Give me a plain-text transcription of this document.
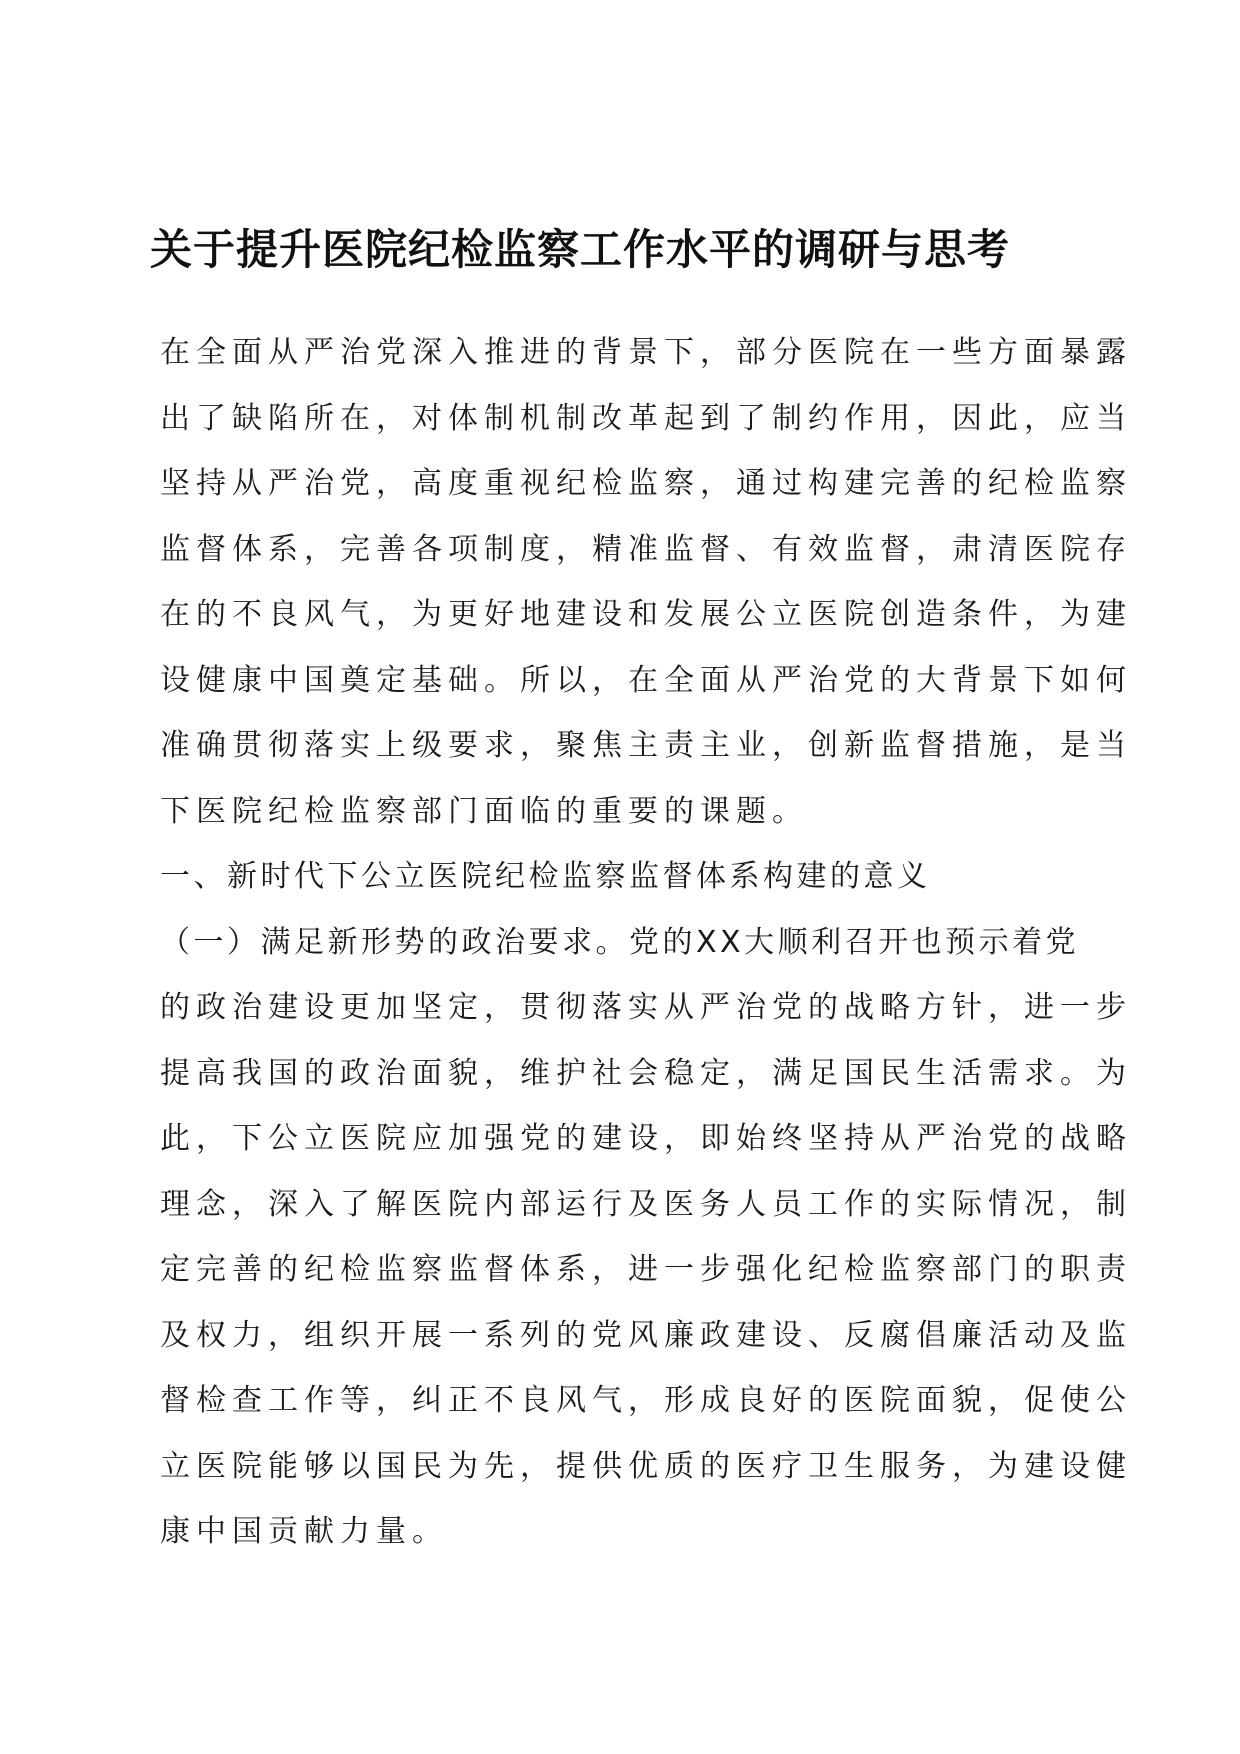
关于提升医院纪检监察工作水平的调研与思考

在全面从严治党深入推进的背景下，部分医院在一些方面暴露

出了缺陷所在，对体制机制改革起到了制约作用，因此，应当

坚持从严治党，高度重视纪检监察，通过构建完善的纪检监察

监督体系，完善各项制度，精准监督、有效监督，肃清医院存

在的不良风气，为更好地建设和发展公立医院创造条件，为建

设健康中国奠定基础。所以，在全面从严治党的大背景下如何

准确贯彻落实上级要求，聚焦主责主业，创新监督措施，是当

下医院纪检监察部门面临的重要的课题。

一、新时代下公立医院纪检监察监督体系构建的意义

（一）满足新形势的政治要求。党的XX大顺利召开也预示着党

的政治建设更加坚定，贯彻落实从严治党的战略方针，进一步

提高我国的政治面貌，维护社会稳定，满足国民生活需求。为

此，下公立医院应加强党的建设，即始终坚持从严治党的战略

理念，深入了解医院内部运行及医务人员工作的实际情况，制

定完善的纪检监察监督体系，进一步强化纪检监察部门的职责

及权力，组织开展一系列的党风廉政建设、反腐倡廉活动及监

督检查工作等，纠正不良风气，形成良好的医院面貌，促使公

立医院能够以国民为先，提供优质的医疗卫生服务，为建设健

康中国贡献力量。
